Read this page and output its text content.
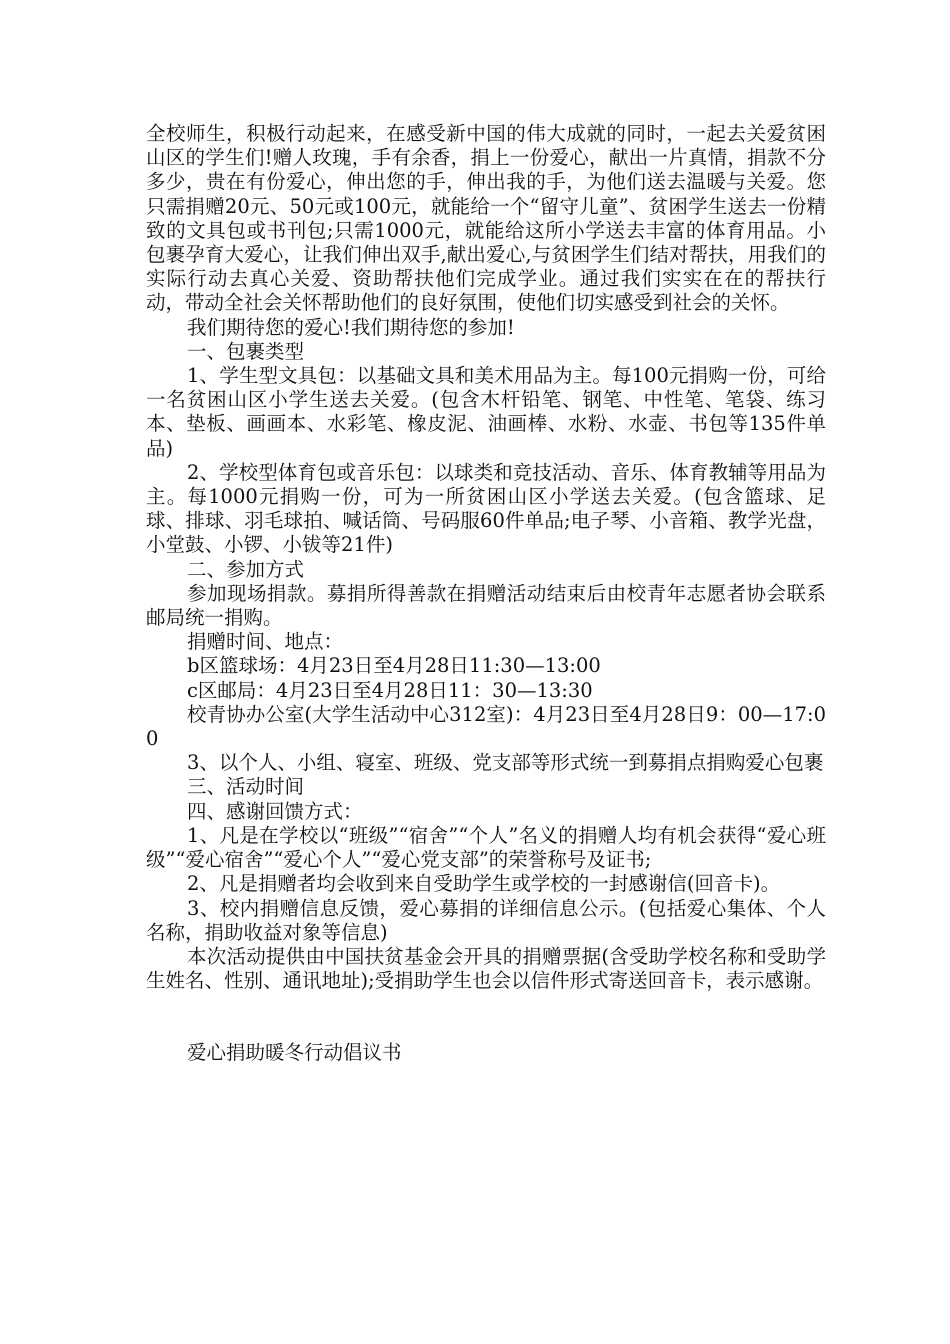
全校师生，积极行动起来，在感受新中国的伟大成就的同时，一起去关爱贫困山区的学生们!赠人玫瑰，手有余香，捐上一份爱心，献出一片真情，捐款不分多少，贵在有份爱心，伸出您的手，伸出我的手，为他们送去温暖与关爱。您只需捐赠20元、50元或100元，就能给一个“留守儿童”、贫困学生送去一份精致的文具包或书刊包;只需1000元，就能给这所小学送去丰富的体育用品。小包裹孕育大爱心，让我们伸出双手,献出爱心,与贫困学生们结对帮扶，用我们的实际行动去真心关爱、资助帮扶他们完成学业。通过我们实实在在的帮扶行动，带动全社会关怀帮助他们的良好氛围，使他们切实感受到社会的关怀。

我们期待您的爱心!我们期待您的参加!

一、包裹类型

1、学生型文具包：以基础文具和美术用品为主。每100元捐购一份，可给一名贫困山区小学生送去关爱。(包含木杆铅笔、钢笔、中性笔、笔袋、练习本、垫板、画画本、水彩笔、橡皮泥、油画棒、水粉、水壶、书包等135件单品)

2、学校型体育包或音乐包：以球类和竞技活动、音乐、体育教辅等用品为主。每1000元捐购一份，可为一所贫困山区小学送去关爱。(包含篮球、足球、排球、羽毛球拍、喊话筒、号码服60件单品;电子琴、小音箱、教学光盘，小堂鼓、小锣、小钹等21件)

二、参加方式

参加现场捐款。募捐所得善款在捐赠活动结束后由校青年志愿者协会联系邮局统一捐购。

捐赠时间、地点：

b区篮球场：4月23日至4月28日11:30—13:00

c区邮局：4月23日至4月28日11：30—13:30

校青协办公室(大学生活动中心312室)：4月23日至4月28日9：00—17:00

3、以个人、小组、寝室、班级、党支部等形式统一到募捐点捐购爱心包裹

三、活动时间

四、感谢回馈方式：

1、凡是在学校以“班级”“宿舍”“个人”名义的捐赠人均有机会获得“爱心班级”“爱心宿舍”“爱心个人”“爱心党支部”的荣誉称号及证书;

2、凡是捐赠者均会收到来自受助学生或学校的一封感谢信(回音卡)。

3、校内捐赠信息反馈，爱心募捐的详细信息公示。(包括爱心集体、个人名称，捐助收益对象等信息)

本次活动提供由中国扶贫基金会开具的捐赠票据(含受助学校名称和受助学生姓名、性别、通讯地址);受捐助学生也会以信件形式寄送回音卡，表示感谢。

爱心捐助暖冬行动倡议书
